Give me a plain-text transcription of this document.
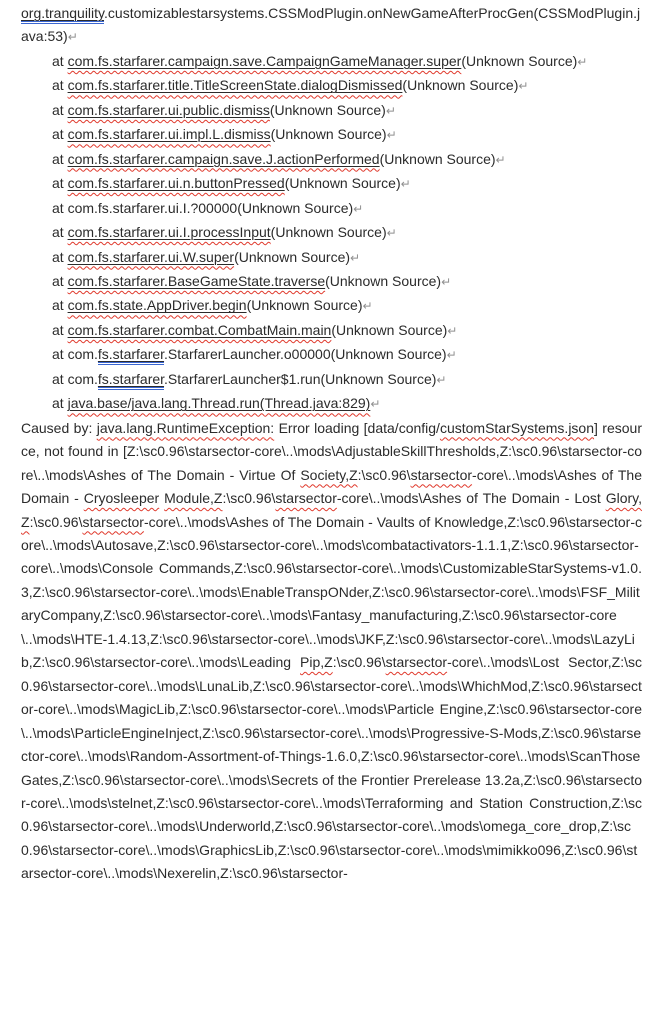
org.tranquility.customizablestarsystems.CSSModPlugin.onNewGameAfterProcGen(CSSModPlugin.java:53)↵
at com.fs.starfarer.campaign.save.CampaignGameManager.super(Unknown Source)↵
at com.fs.starfarer.title.TitleScreenState.dialogDismissed(Unknown Source)↵
at com.fs.starfarer.ui.public.dismiss(Unknown Source)↵
at com.fs.starfarer.ui.impl.L.dismiss(Unknown Source)↵
at com.fs.starfarer.campaign.save.J.actionPerformed(Unknown Source)↵
at com.fs.starfarer.ui.n.buttonPressed(Unknown Source)↵
at com.fs.starfarer.ui.I.?00000(Unknown Source)↵
at com.fs.starfarer.ui.I.processInput(Unknown Source)↵
at com.fs.starfarer.ui.W.super(Unknown Source)↵
at com.fs.starfarer.BaseGameState.traverse(Unknown Source)↵
at com.fs.state.AppDriver.begin(Unknown Source)↵
at com.fs.starfarer.combat.CombatMain.main(Unknown Source)↵
at com.fs.starfarer.StarfarerLauncher.o00000(Unknown Source)↵
at com.fs.starfarer.StarfarerLauncher$1.run(Unknown Source)↵
at java.base/java.lang.Thread.run(Thread.java:829)↵
Caused by: java.lang.RuntimeException: Error loading [data/config/customStarSystems.json] resource, not found in [Z:\sc0.96\starsector-core\..\mods\AdjustableSkillThresholds,Z:\sc0.96\starsector-core\..\mods\Ashes of The Domain - Virtue Of Society,Z:\sc0.96\starsector-core\..\mods\Ashes of The Domain - Cryosleeper Module,Z:\sc0.96\starsector-core\..\mods\Ashes of The Domain - Lost Glory,Z:\sc0.96\starsector-core\..\mods\Ashes of The Domain - Vaults of Knowledge,Z:\sc0.96\starsector-core\..\mods\Autosave,Z:\sc0.96\starsector-core\..\mods\combatactivators-1.1.1,Z:\sc0.96\starsector-core\..\mods\Console Commands,Z:\sc0.96\starsector-core\..\mods\CustomizableStarSystems-v1.0.3,Z:\sc0.96\starsector-core\..\mods\EnableTranspONder,Z:\sc0.96\starsector-core\..\mods\FSF_MilitaryCompany,Z:\sc0.96\starsector-core\..\mods\Fantasy_manufacturing,Z:\sc0.96\starsector-core\..\mods\HTE-1.4.13,Z:\sc0.96\starsector-core\..\mods\JKF,Z:\sc0.96\starsector-core\..\mods\LazyLib,Z:\sc0.96\starsector-core\..\mods\Leading Pip,Z:\sc0.96\starsector-core\..\mods\Lost Sector,Z:\sc0.96\starsector-core\..\mods\LunaLib,Z:\sc0.96\starsector-core\..\mods\WhichMod,Z:\sc0.96\starsector-core\..\mods\MagicLib,Z:\sc0.96\starsector-core\..\mods\Particle Engine,Z:\sc0.96\starsector-core\..\mods\ParticleEngineInject,Z:\sc0.96\starsector-core\..\mods\Progressive-S-Mods,Z:\sc0.96\starsector-core\..\mods\Random-Assortment-of-Things-1.6.0,Z:\sc0.96\starsector-core\..\mods\ScanThoseGates,Z:\sc0.96\starsector-core\..\mods\Secrets of the Frontier Prerelease 13.2a,Z:\sc0.96\starsector-core\..\mods\stelnet,Z:\sc0.96\starsector-core\..\mods\Terraforming and Station Construction,Z:\sc0.96\starsector-core\..\mods\Underworld,Z:\sc0.96\starsector-core\..\mods\omega_core_drop,Z:\sc0.96\starsector-core\..\mods\GraphicsLib,Z:\sc0.96\starsector-core\..\mods\mimikko096,Z:\sc0.96\starsector-core\..\mods\Nexerelin,Z:\sc0.96\starsector-
